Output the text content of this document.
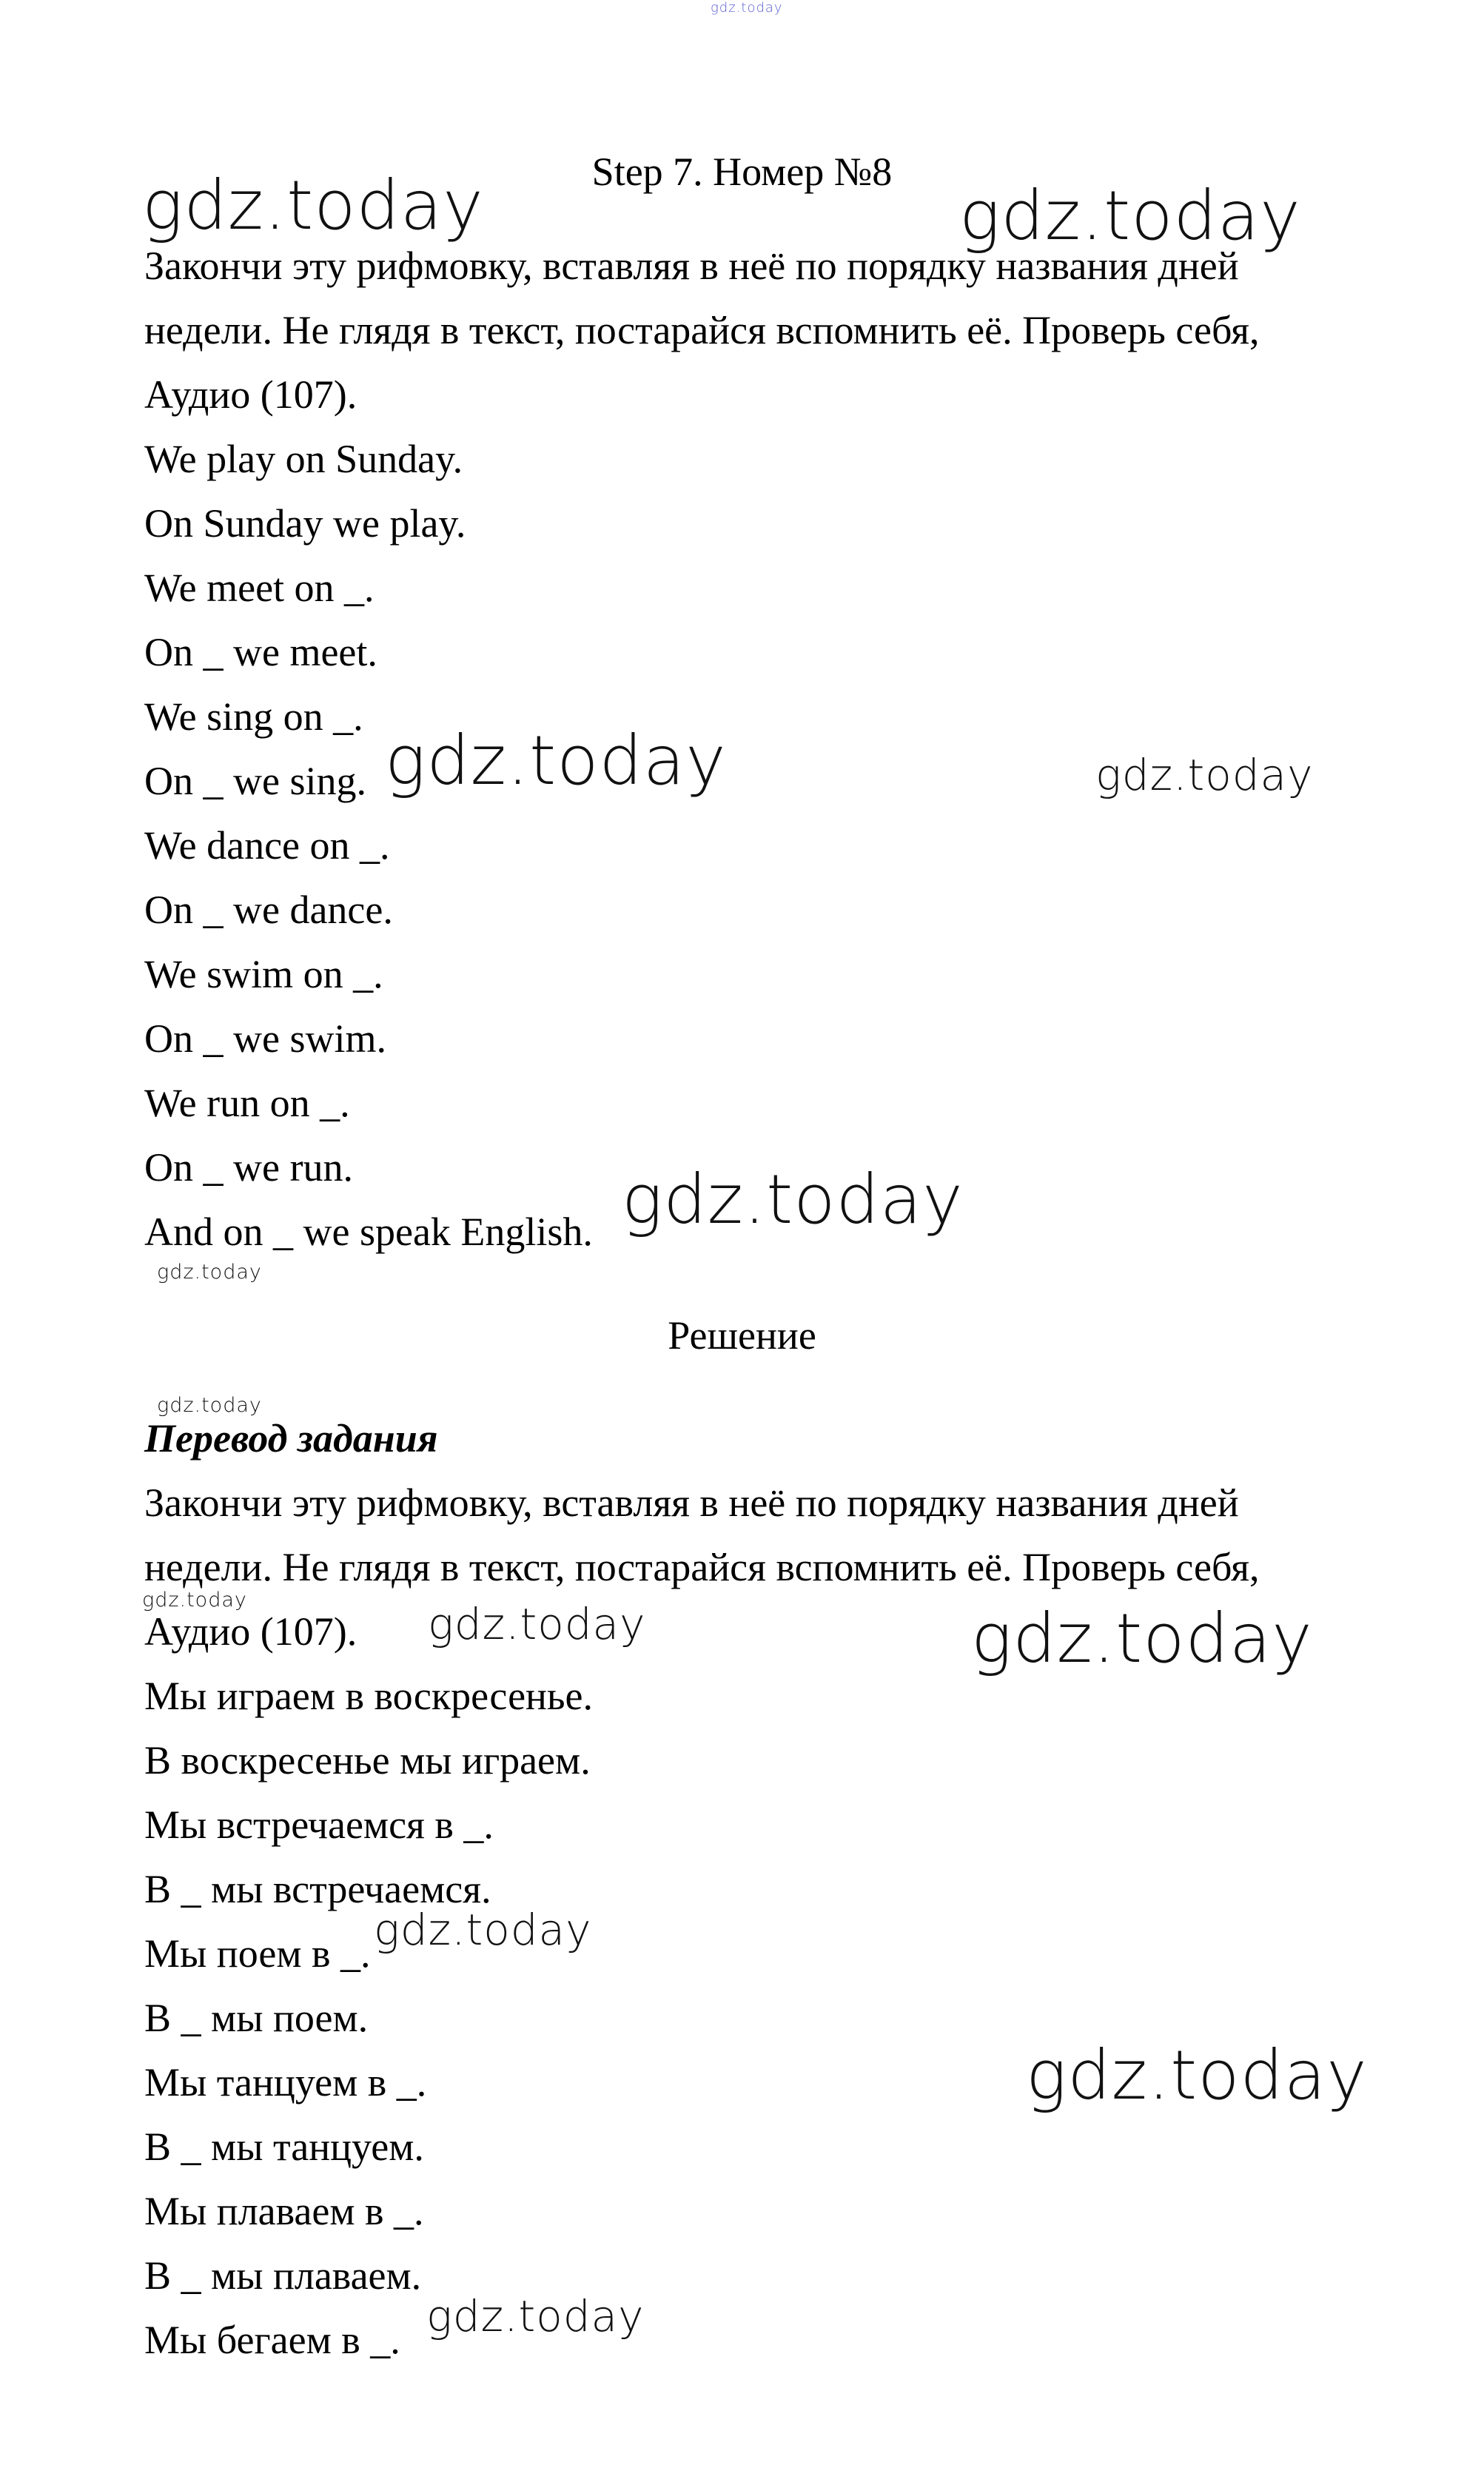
gdz.today
Step 7. Номер №8
Закончи эту рифмовку, вставляя в неё по порядку названия дней
недели. Не глядя в текст, постарайся вспомнить её. Проверь себя,
Аудио (107).
We play on Sunday.
On Sunday we play.
We meet on _.
On _ we meet.
We sing on _.
On _ we sing.
We dance on _.
On _ we dance.
We swim on _.
On _ we swim.
We run on _.
On _ we run.
And on _ we speak English.
Решение
Перевод задания
Закончи эту рифмовку, вставляя в неё по порядку названия дней
недели. Не глядя в текст, постарайся вспомнить её. Проверь себя,
Аудио (107).
Мы играем в воскресенье.
В воскресенье мы играем.
Мы встречаемся в _.
В _ мы встречаемся.
Мы поем в _.
В _ мы поем.
Мы танцуем в _.
В _ мы танцуем.
Мы плаваем в _.
В _ мы плаваем.
Мы бегаем в _.
gdz.today	gdz.today
gdz.today	gdz.today
gdz.today
gdz.today
gdz.today
gdz.today	gdz.today	gdz.today
gdz.today
gdz.today
gdz.today
